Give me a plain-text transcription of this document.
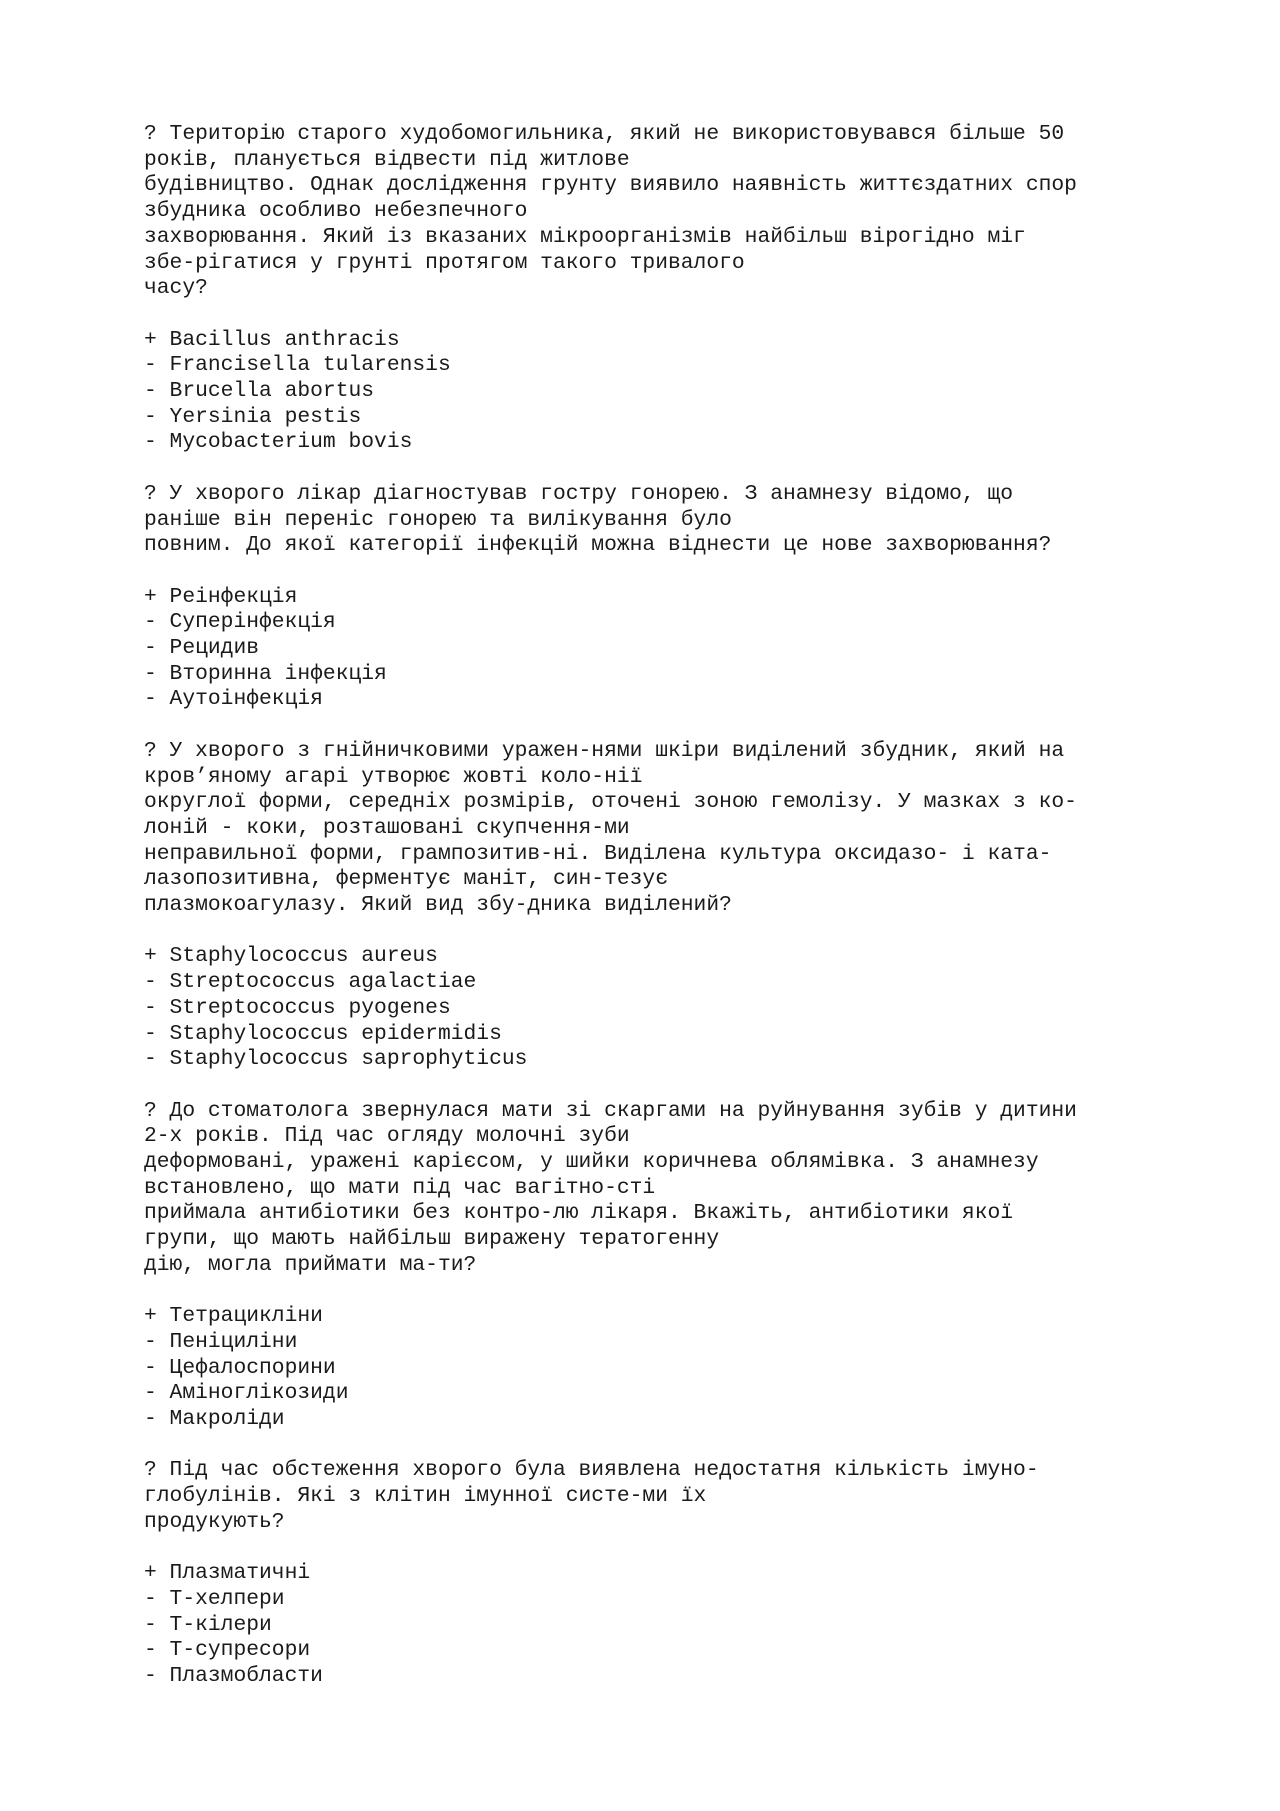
? Територію старого худобомогильника, який не використовувався більше 50

років, планується відвести під житлове

будівництво. Однак дослідження грунту виявило наявність життєздатних спор

збудника особливо небезпечного

захворювання. Який із вказаних мікроорганізмів найбільш вірогідно міг

збе-рігатися у грунті протягом такого тривалого

часу?

+ Bacillus anthracis

- Francisella tularensis

- Brucella abortus

- Yersinia pestis

- Mycobacterium bovis

? У хворого лікар діагностував гостру гонорею. З анамнезу відомо, що

раніше він переніс гонорею та вилікування було

повним. До якої категорії інфекцій можна віднести це нове захворювання?

+ Реінфекція

- Суперінфекція

- Рецидив

- Вторинна інфекція

- Аутоінфекція

? У хворого з гнійничковими уражен-нями шкіри виділений збудник, який на

кров’яному агарі утворює жовті коло-нії

округлої форми, середніх розмірів, оточені зоною гемолізу. У мазках з ко-

лоній - коки, розташовані скупчення-ми

неправильної форми, грампозитив-ні. Виділена культура оксидазо- і ката-

лазопозитивна, ферментує маніт, син-тезує

плазмокоагулазу. Який вид збу-дника виділений?

+ Staphylococcus aureus

- Streptococcus agalactiae

- Streptococcus pyogenes

- Staphylococcus epidermidis

- Staphylococcus saprophyticus

? До стоматолога звернулася мати зі скаргами на руйнування зубів у дитини

2-х років. Під час огляду молочні зуби

деформовані, уражені карієсом, у шийки коричнева облямівка. З анамнезу

встановлено, що мати під час вагітно-сті

приймала антибіотики без контро-лю лікаря. Вкажіть, антибіотики якої

групи, що мають найбільш виражену тератогенну

дію, могла приймати ма-ти?

+ Тетрацикліни

- Пеніциліни

- Цефалоспорини

- Аміноглікозиди

- Макроліди

? Під час обстеження хворого була виявлена недостатня кількість імуно-

глобулінів. Які з клітин імунної систе-ми їх

продукують?

+ Плазматичні

- Т-хелпери

- Т-кілери

- Т-супресори

- Плазмобласти
